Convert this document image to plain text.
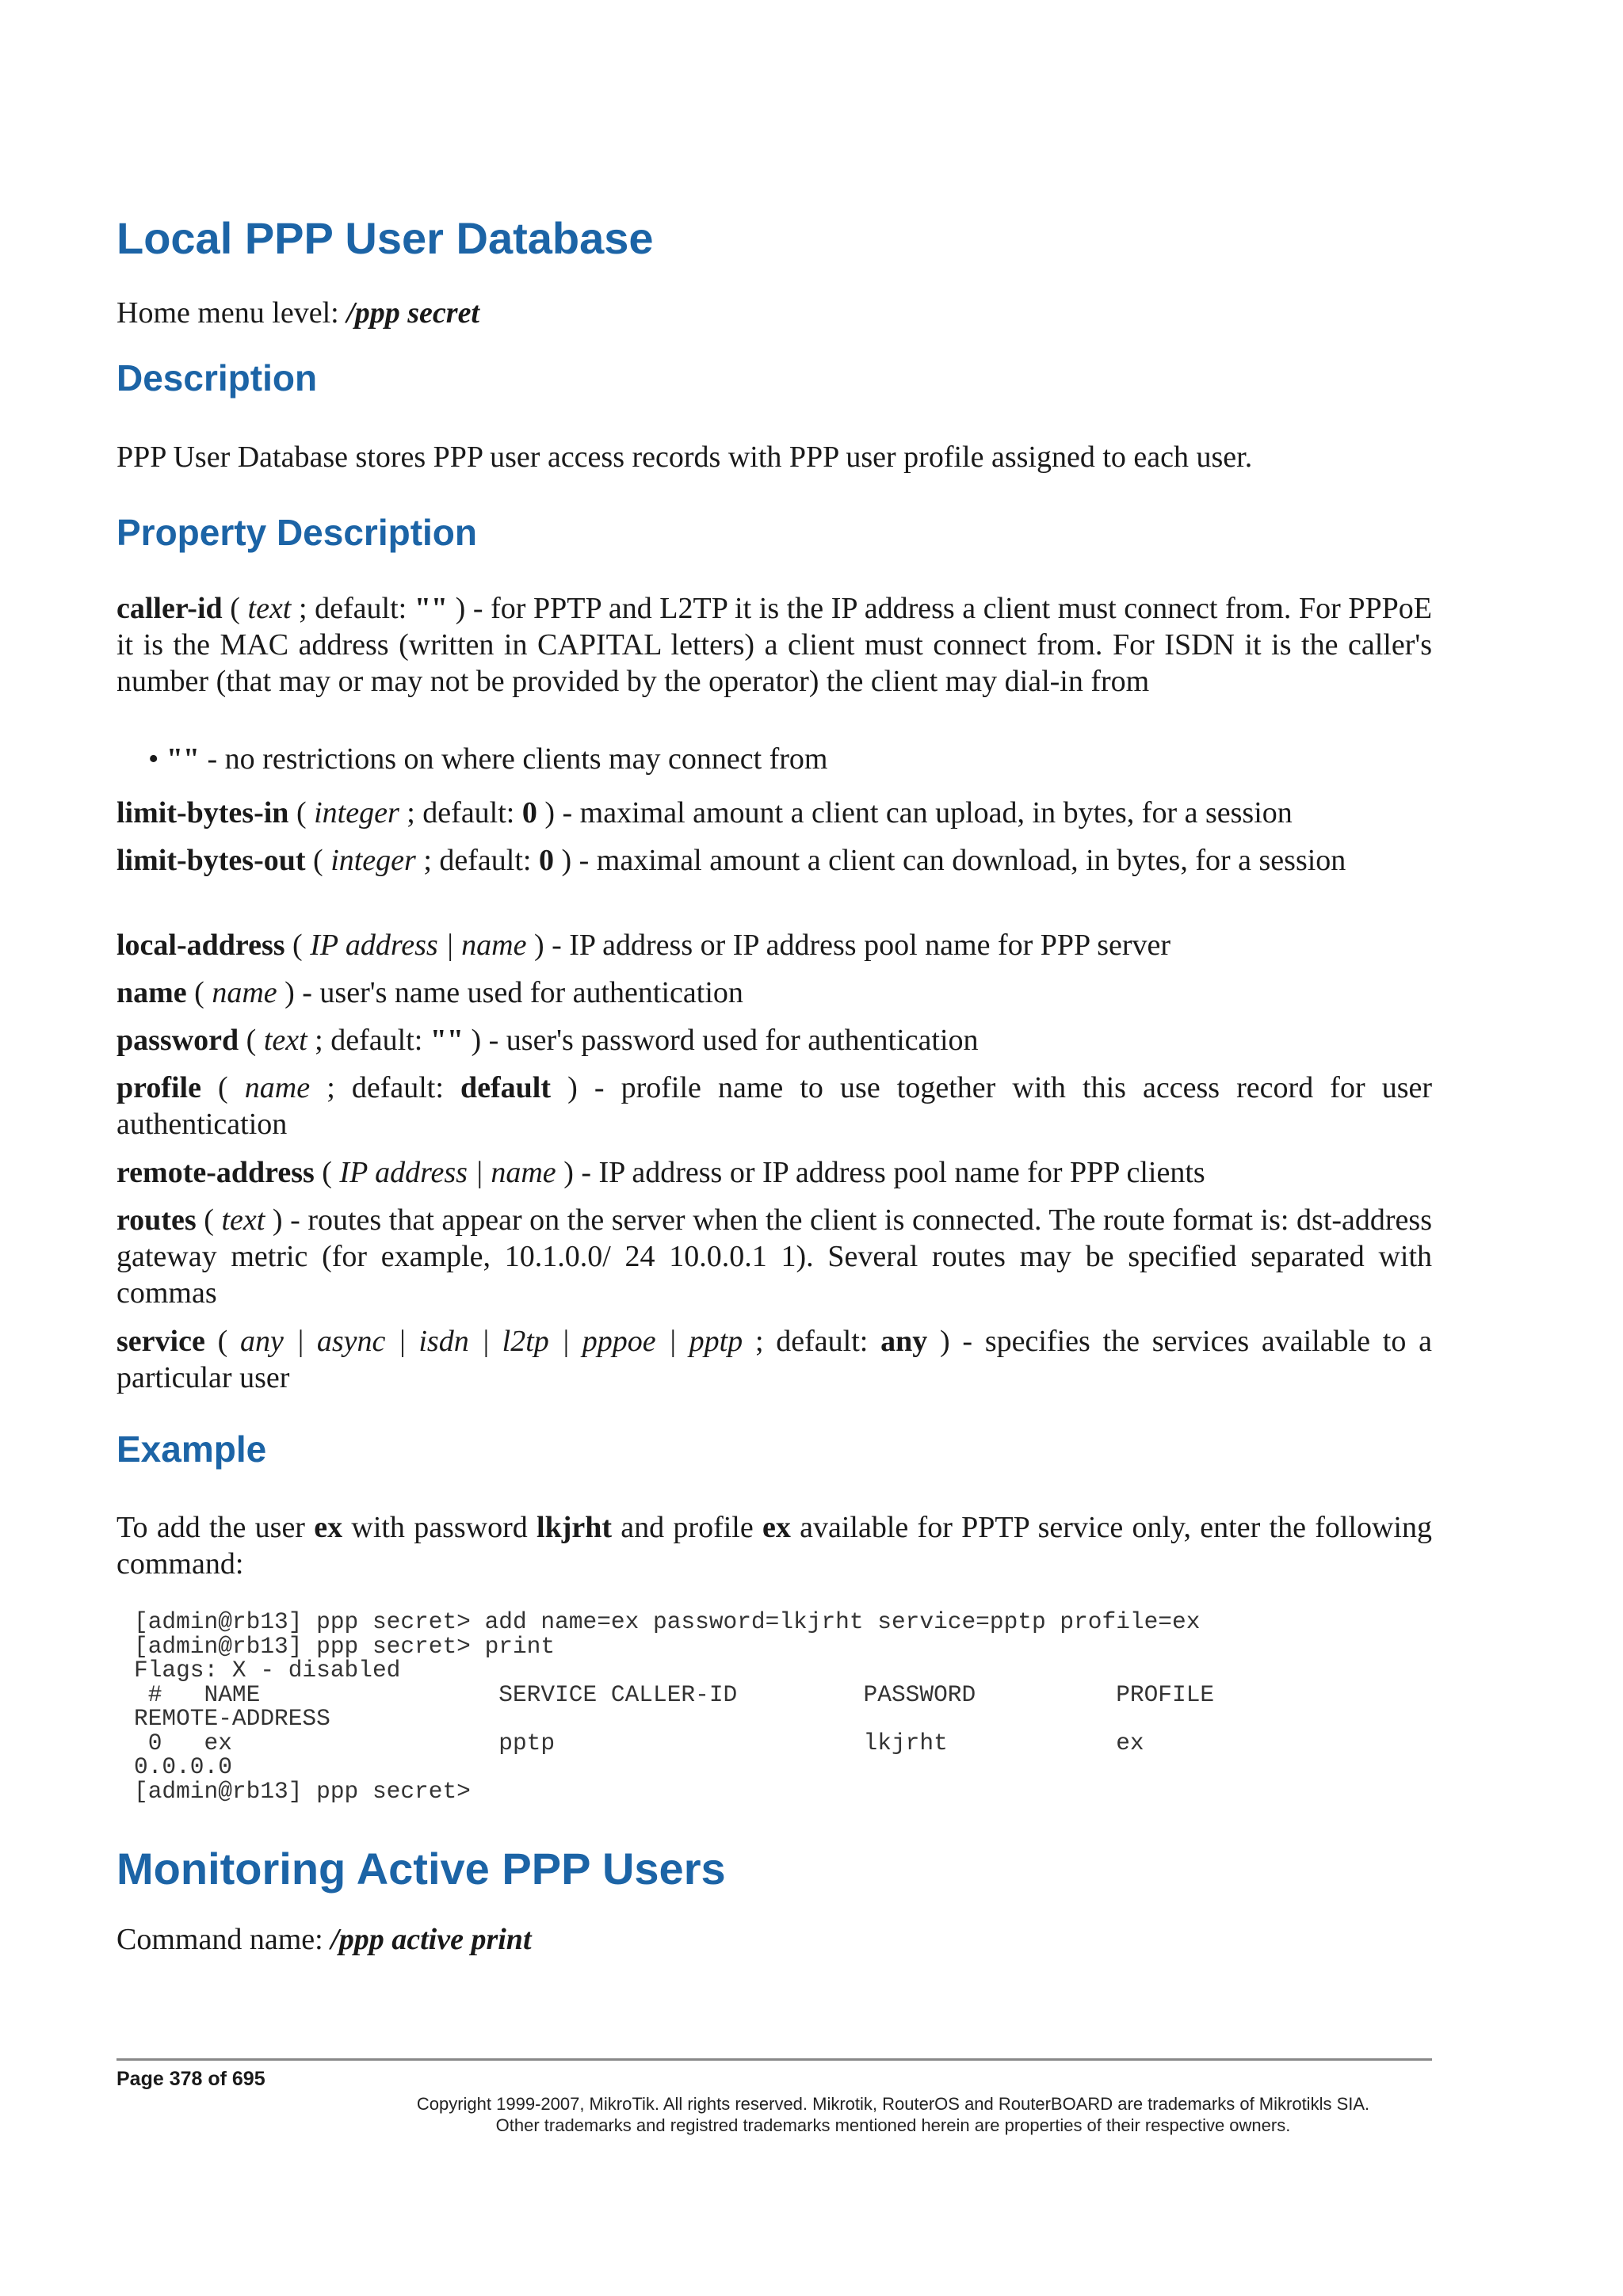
Local PPP User Database

Home menu level: /ppp secret

Description

PPP User Database stores PPP user access records with PPP user profile assigned to each user.

Property Description

caller-id ( text ; default: "" ) - for PPTP and L2TP it is the IP address a client must connect from. For PPPoE it is the MAC address (written in CAPITAL letters) a client must connect from. For ISDN it is the caller's number (that may or may not be provided by the operator) the client may dial-in from

• "" - no restrictions on where clients may connect from

limit-bytes-in ( integer ; default: 0 ) - maximal amount a client can upload, in bytes, for a session

limit-bytes-out ( integer ; default: 0 ) - maximal amount a client can download, in bytes, for a session

local-address ( IP address | name ) - IP address or IP address pool name for PPP server

name ( name ) - user's name used for authentication

password ( text ; default: "" ) - user's password used for authentication

profile ( name ; default: default ) - profile name to use together with this access record for user authentication

remote-address ( IP address | name ) - IP address or IP address pool name for PPP clients

routes ( text ) - routes that appear on the server when the client is connected. The route format is: dst-address gateway metric (for example, 10.1.0.0/ 24 10.0.0.1 1). Several routes may be specified separated with commas

service ( any | async | isdn | l2tp | pppoe | pptp ; default: any ) - specifies the services available to a particular user

Example

To add the user ex with password lkjrht and profile ex available for PPTP service only, enter the following command:

[admin@rb13] ppp secret> add name=ex password=lkjrht service=pptp profile=ex
[admin@rb13] ppp secret> print
Flags: X - disabled
#   NAME                 SERVICE CALLER-ID         PASSWORD          PROFILE
REMOTE-ADDRESS
0   ex                   pptp                      lkjrht            ex
0.0.0.0
[admin@rb13] ppp secret>
Monitoring Active PPP Users

Command name: /ppp active print

Page 378 of 695
Copyright 1999-2007, MikroTik. All rights reserved. Mikrotik, RouterOS and RouterBOARD are trademarks of Mikrotikls SIA.
Other trademarks and registred trademarks mentioned herein are properties of their respective owners.
